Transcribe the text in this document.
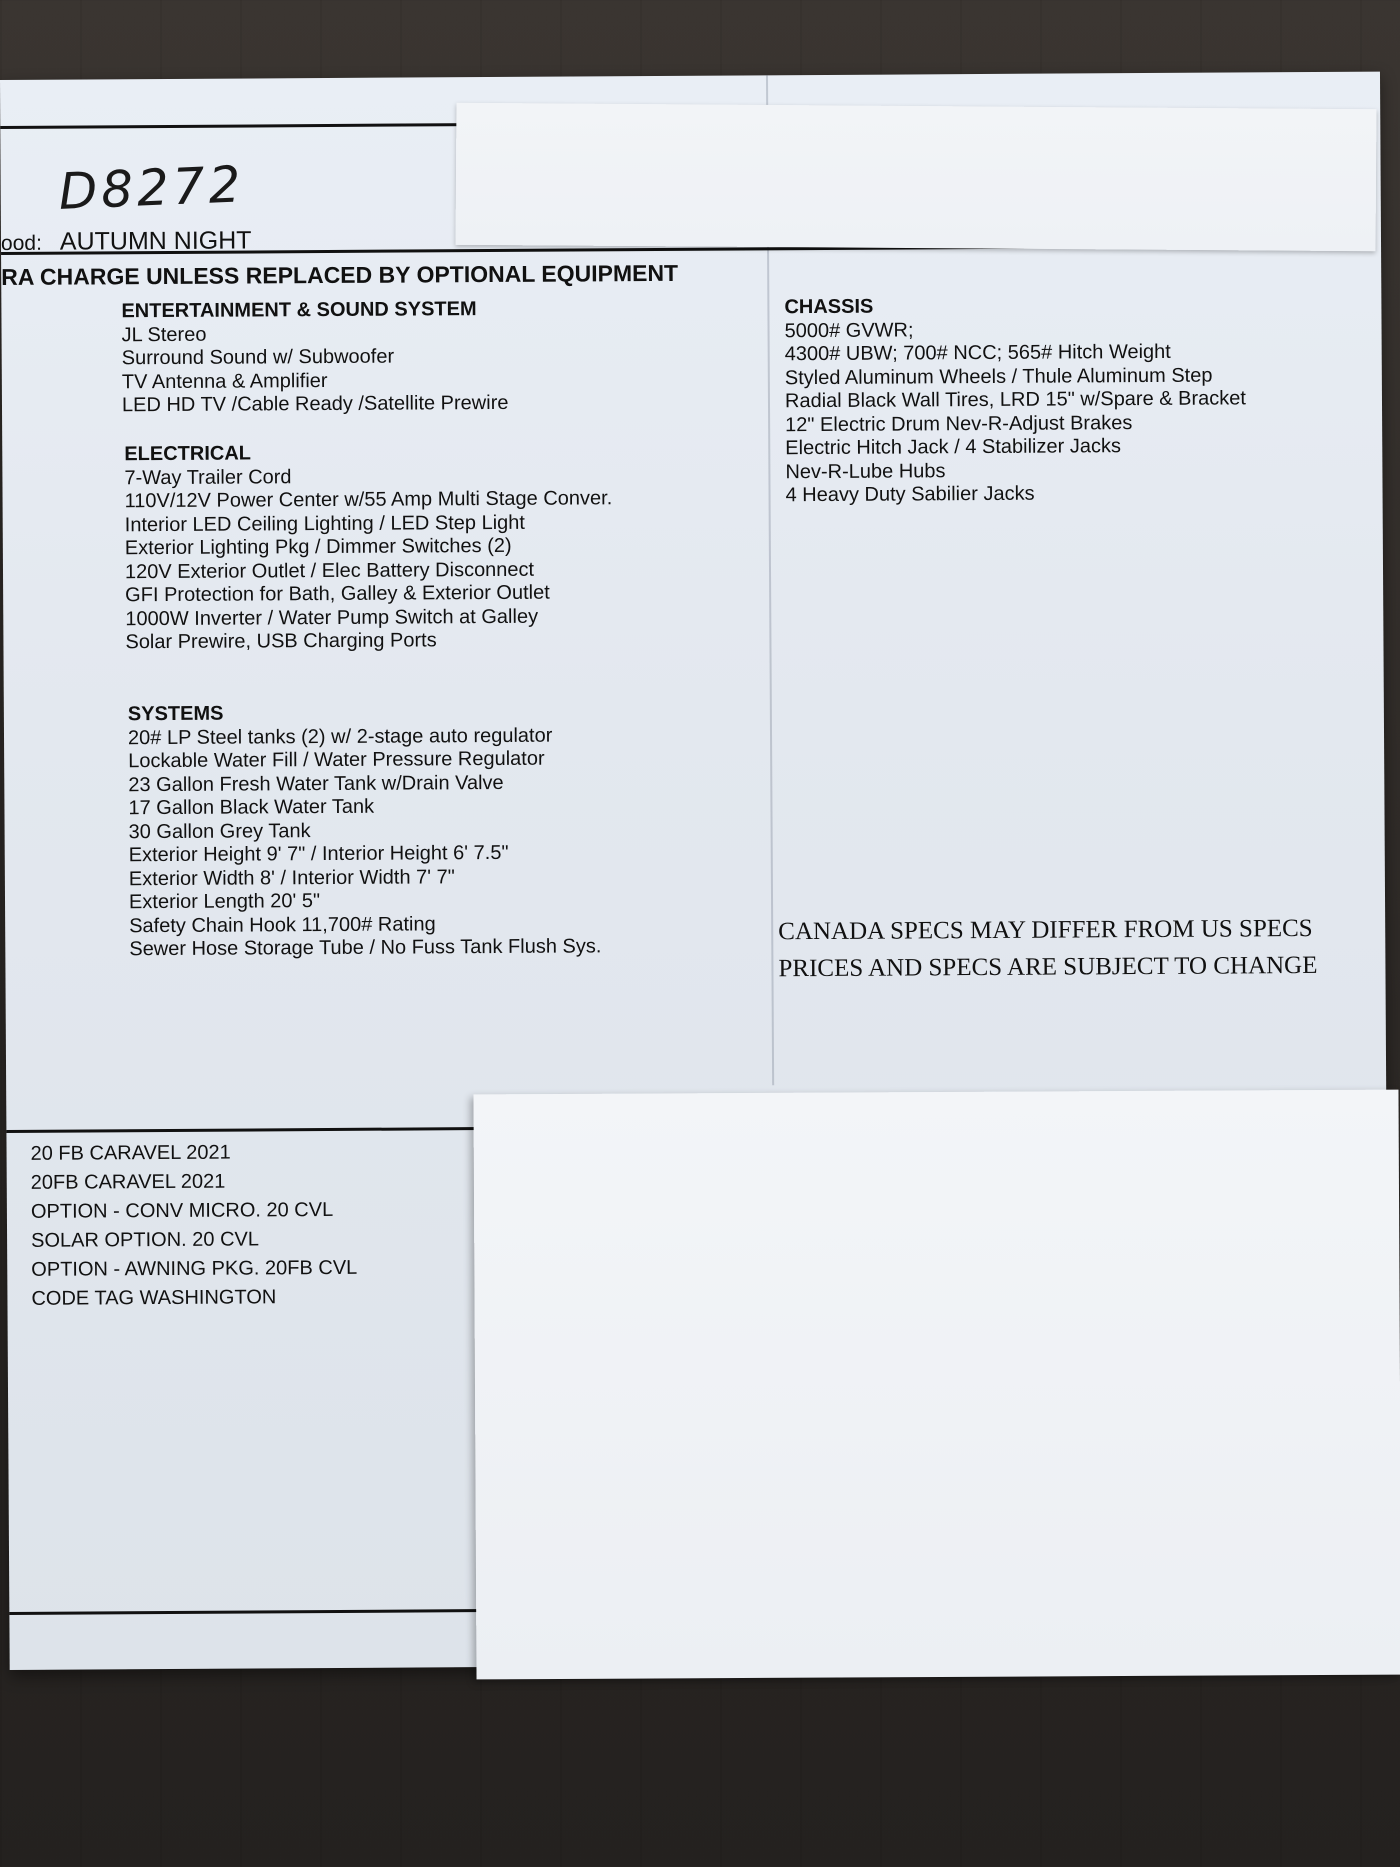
D8272
ood: AUTUMN NIGHT
RA CHARGE UNLESS REPLACED BY OPTIONAL EQUIPMENT
ENTERTAINMENT & SOUND SYSTEM
JL Stereo
Surround Sound w/ Subwoofer
TV Antenna & Amplifier
LED HD TV /Cable Ready /Satellite Prewire
ELECTRICAL
7-Way Trailer Cord
110V/12V Power Center w/55 Amp Multi Stage Conver.
Interior LED Ceiling Lighting / LED Step Light
Exterior Lighting Pkg / Dimmer Switches (2)
120V Exterior Outlet / Elec Battery Disconnect
GFI Protection for Bath, Galley & Exterior Outlet
1000W Inverter / Water Pump Switch at Galley
Solar Prewire, USB Charging Ports
SYSTEMS
20# LP Steel tanks (2) w/ 2-stage auto regulator
Lockable Water Fill / Water Pressure Regulator
23 Gallon Fresh Water Tank w/Drain Valve
17 Gallon Black Water Tank
30 Gallon Grey Tank
Exterior Height 9' 7" / Interior Height 6' 7.5"
Exterior Width 8' / Interior Width 7' 7"
Exterior Length 20' 5"
Safety Chain Hook 11,700# Rating
Sewer Hose Storage Tube / No Fuss Tank Flush Sys.
CHASSIS
5000# GVWR;
4300# UBW; 700# NCC; 565# Hitch Weight
Styled Aluminum Wheels / Thule Aluminum Step
Radial Black Wall Tires, LRD 15" w/Spare & Bracket
12" Electric Drum Nev-R-Adjust Brakes
Electric Hitch Jack / 4 Stabilizer Jacks
Nev-R-Lube Hubs
4 Heavy Duty Sabilier Jacks
CANADA SPECS MAY DIFFER FROM US SPECS
PRICES AND SPECS ARE SUBJECT TO CHANGE
20 FB CARAVEL 2021
20FB CARAVEL 2021
OPTION - CONV MICRO. 20 CVL
SOLAR OPTION. 20 CVL
OPTION - AWNING PKG. 20FB CVL
CODE TAG WASHINGTON
